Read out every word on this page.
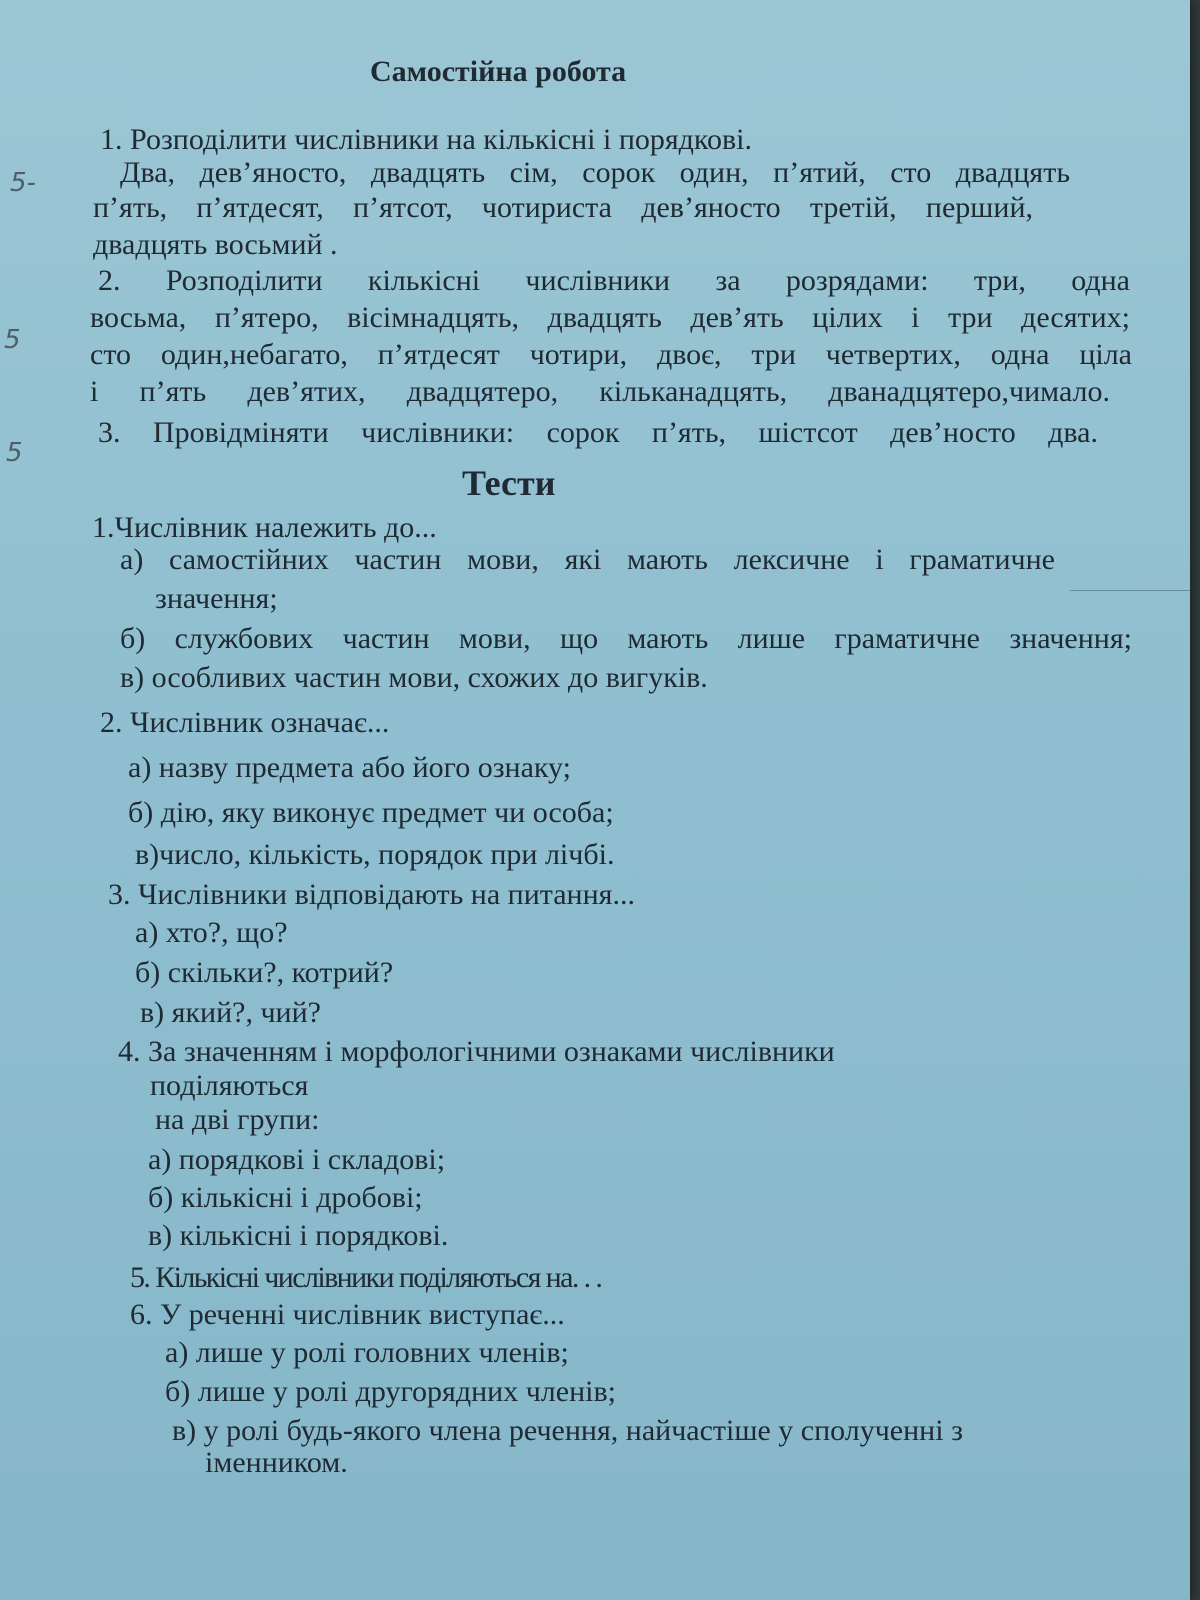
Самостійна робота
1. Розподілити числівники на кількісні і порядкові.
Два, дев’яносто, двадцять сім, сорок один, п’ятий, сто двадцять
п’ять, п’ятдесят, п’ятсот, чотириста дев’яносто третій, перший,
двадцять восьмий .
2. Розподілити кількісні числівники за розрядами: три, одна
восьма, п’ятеро, вісімнадцять, двадцять дев’ять цілих і три десятих;
сто один,небагато, п’ятдесят чотири, двоє, три четвертих, одна ціла
і п’ять дев’ятих, двадцятеро, кільканадцять, дванадцятеро,чимало.
3. Провідміняти числівники: сорок п’ять, шістсот дев’носто два.
Тести
1.Числівник належить до...
а) самостійних частин мови, які мають лексичне і граматичне
значення;
б) службових частин мови, що мають лише граматичне значення;
в) особливих частин мови, схожих до вигуків.
2. Числівник означає...
а) назву предмета або його ознаку;
б) дію, яку виконує предмет чи особа;
в)число, кількість, порядок при лічбі.
3. Числівники відповідають на питання...
а) хто?, що?
б) скільки?, котрий?
в) який?, чий?
4. За значенням і морфологічними ознаками числівники
поділяються
на дві групи:
а) порядкові і складові;
б) кількісні і дробові;
в) кількісні і порядкові.
5. Кількісні числівники поділяються на. . .
6. У реченні числівник виступає...
а) лише у ролі головних членів;
б) лише у ролі другорядних членів;
в) у ролі будь-якого члена речення, найчастіше у сполученні з
іменником.
5-
5
5
